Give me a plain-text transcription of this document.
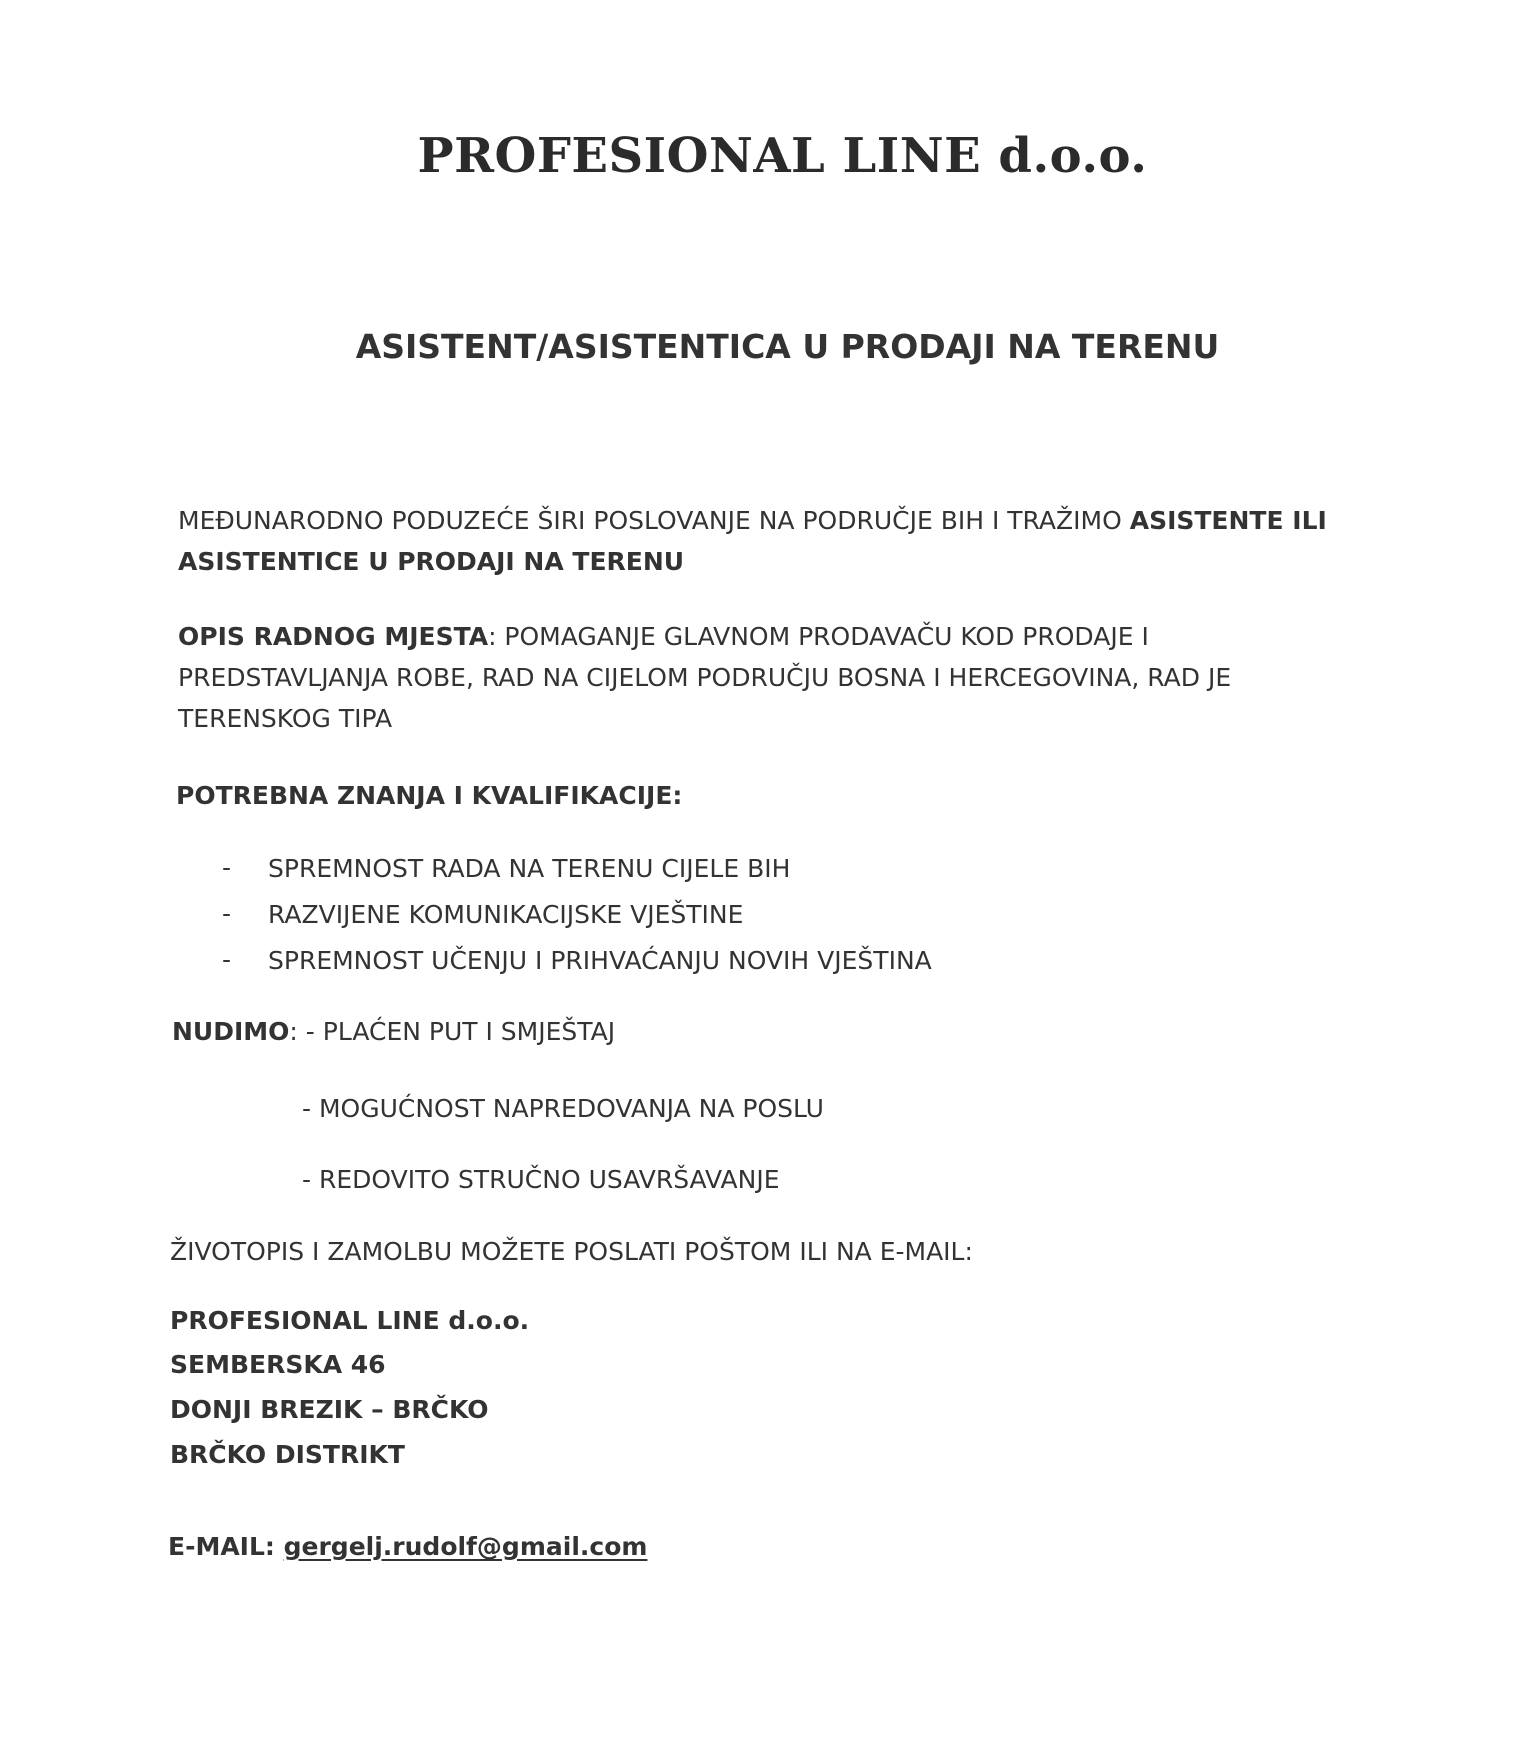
PROFESIONAL LINE d.o.o.
ASISTENT/ASISTENTICA U PRODAJI NA TERENU
MEĐUNARODNO PODUZEĆE ŠIRI POSLOVANJE NA PODRUČJE BIH I TRAŽIMO ASISTENTE ILI
ASISTENTICE U PRODAJI NA TERENU
OPIS RADNOG MJESTA: POMAGANJE GLAVNOM PRODAVAČU KOD PRODAJE I
PREDSTAVLJANJA ROBE, RAD NA CIJELOM PODRUČJU BOSNA I HERCEGOVINA, RAD JE
TERENSKOG TIPA
POTREBNA ZNANJA I KVALIFIKACIJE:
- SPREMNOST RADA NA TERENU CIJELE BIH
- RAZVIJENE KOMUNIKACIJSKE VJEŠTINE
- SPREMNOST UČENJU I PRIHVAĆANJU NOVIH VJEŠTINA
NUDIMO: - PLAĆEN PUT I SMJEŠTAJ
- MOGUĆNOST NAPREDOVANJA NA POSLU
- REDOVITO STRUČNO USAVRŠAVANJE
ŽIVOTOPIS I ZAMOLBU MOŽETE POSLATI POŠTOM ILI NA E-MAIL:
PROFESIONAL LINE d.o.o.
SEMBERSKA 46
DONJI BREZIK – BRČKO
BRČKO DISTRIKT
E-MAIL: gergelj.rudolf@gmail.com
